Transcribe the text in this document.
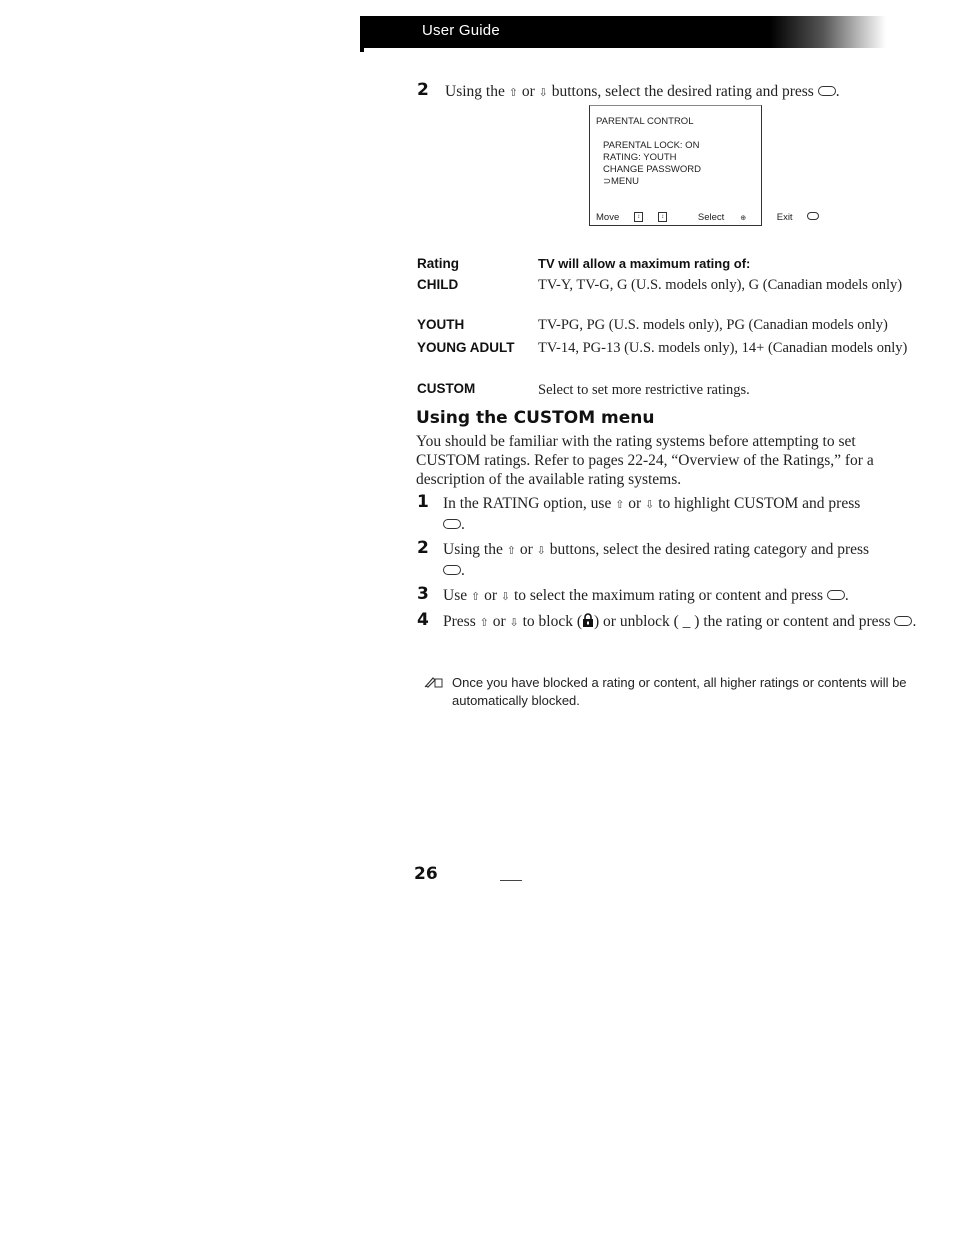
User Guide
2 Using the ⇧ or ⇩ buttons, select the desired rating and press .
PARENTAL CONTROL
PARENTAL LOCK: ON
RATING: YOUTH
CHANGE PASSWORD
⊃MENU
Move	↕	↕	Select ⊕	Exit
Rating	TV will allow a maximum rating of:
CHILD	TV-Y, TV-G, G (U.S. models only), G (Canadian models only)
YOUTH	TV-PG, PG (U.S. models only), PG (Canadian models only)
YOUNG ADULT TV-14, PG-13 (U.S. models only), 14+ (Canadian models only)
CUSTOM	Select to set more restrictive ratings.
Using the CUSTOM menu
You should be familiar with the rating systems before attempting to set CUSTOM ratings. Refer to pages 22-24, “Overview of the Ratings,” for a description of the available rating systems.
1 In the RATING option, use ⇧ or ⇩ to highlight CUSTOM and press .
2 Using the ⇧ or ⇩ buttons, select the desired rating category and press .
3 Use ⇧ or ⇩ to select the maximum rating or content and press .
4 Press ⇧ or ⇩ to block ( ) or unblock ( _ ) the rating or content and press .
Once you have blocked a rating or content, all higher ratings or contents will be automatically blocked.
26
